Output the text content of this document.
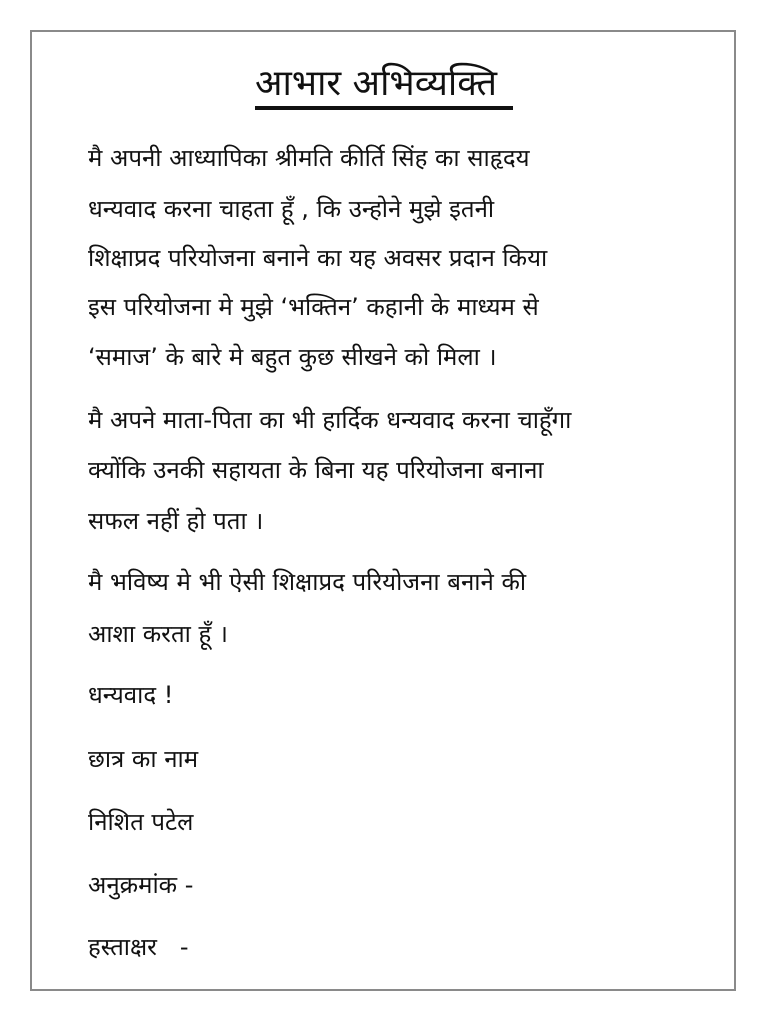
आभार अभिव्यक्ति
मै अपनी आध्यापिका श्रीमति कीर्ति सिंह का साहृदय
धन्यवाद करना चाहता हूँ , कि उन्होने मुझे इतनी
शिक्षाप्रद परियोजना बनाने का यह अवसर प्रदान किया
इस परियोजना मे मुझे ‘भक्तिन’ कहानी के माध्यम से
‘समाज’ के बारे मे बहुत कुछ सीखने को मिला ।
मै अपने माता-पिता का भी हार्दिक धन्यवाद करना चाहूँगा
क्योंकि उनकी सहायता के बिना यह परियोजना बनाना
सफल नहीं हो पता ।
मै भविष्य मे भी ऐसी शिक्षाप्रद परियोजना बनाने की
आशा करता हूँ ।
धन्यवाद !
छात्र का नाम
निशित पटेल
अनुक्रमांक -
हस्ताक्षर   -
